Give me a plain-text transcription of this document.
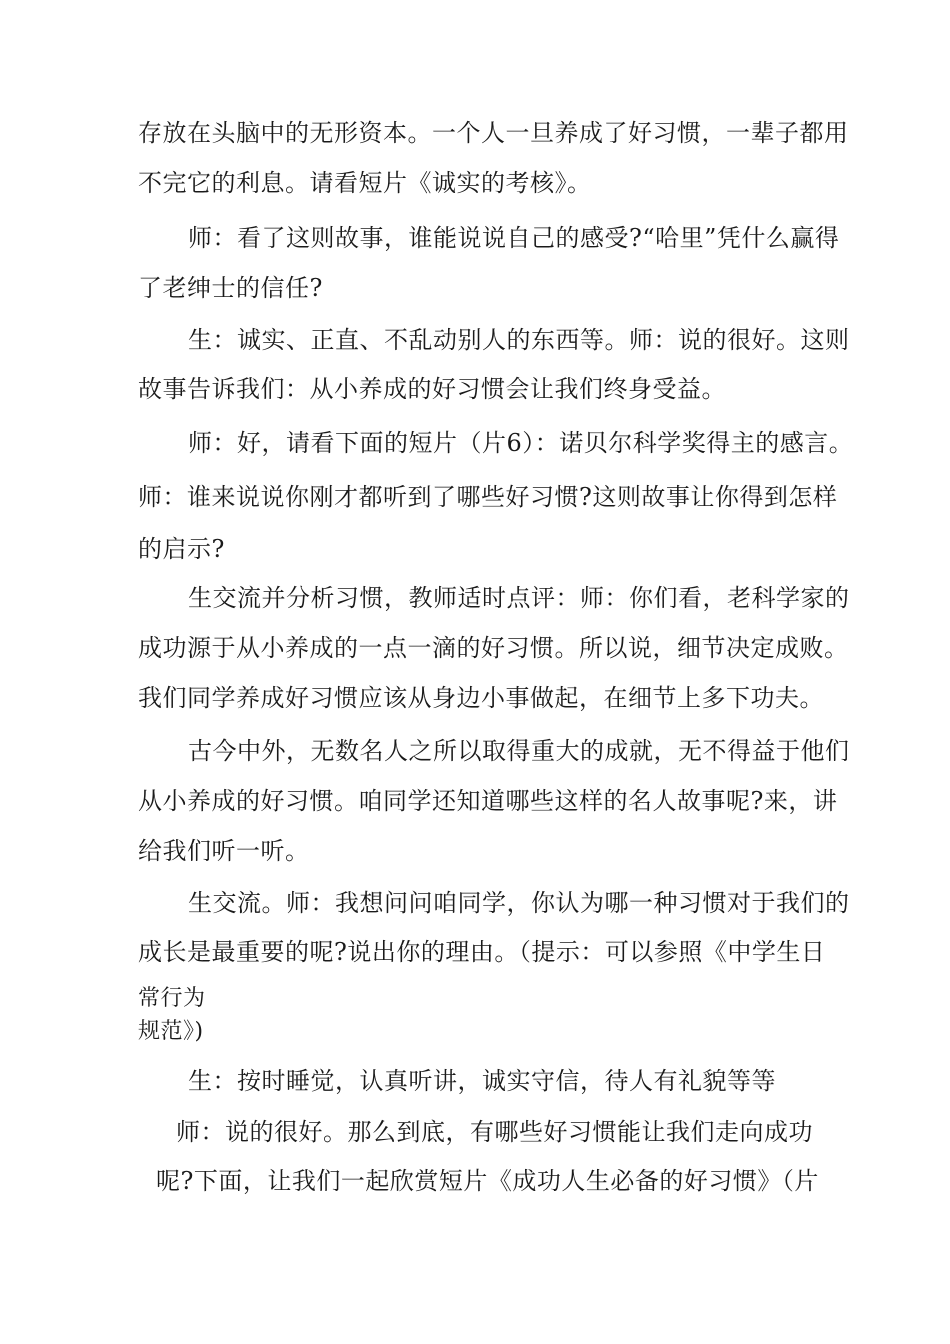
存放在头脑中的无形资本。一个人一旦养成了好习惯，一辈子都用
不完它的利息。请看短片《诚实的考核》。
师：看了这则故事，谁能说说自己的感受?“哈里”凭什么赢得
了老绅士的信任?
生：诚实、正直、不乱动别人的东西等。师：说的很好。这则
故事告诉我们：从小养成的好习惯会让我们终身受益。
师：好，请看下面的短片（片6）：诺贝尔科学奖得主的感言。
师：谁来说说你刚才都听到了哪些好习惯?这则故事让你得到怎样
的启示?
生交流并分析习惯，教师适时点评：师：你们看，老科学家的
成功源于从小养成的一点一滴的好习惯。所以说，细节决定成败。
我们同学养成好习惯应该从身边小事做起，在细节上多下功夫。
古今中外，无数名人之所以取得重大的成就，无不得益于他们
从小养成的好习惯。咱同学还知道哪些这样的名人故事呢?来，讲
给我们听一听。
生交流。师：我想问问咱同学，你认为哪一种习惯对于我们的
成长是最重要的呢?说出你的理由。（提示：可以参照《中学生日
常行为
规范》)
生：按时睡觉，认真听讲，诚实守信，待人有礼貌等等
师：说的很好。那么到底，有哪些好习惯能让我们走向成功
呢?下面，让我们一起欣赏短片《成功人生必备的好习惯》（片
